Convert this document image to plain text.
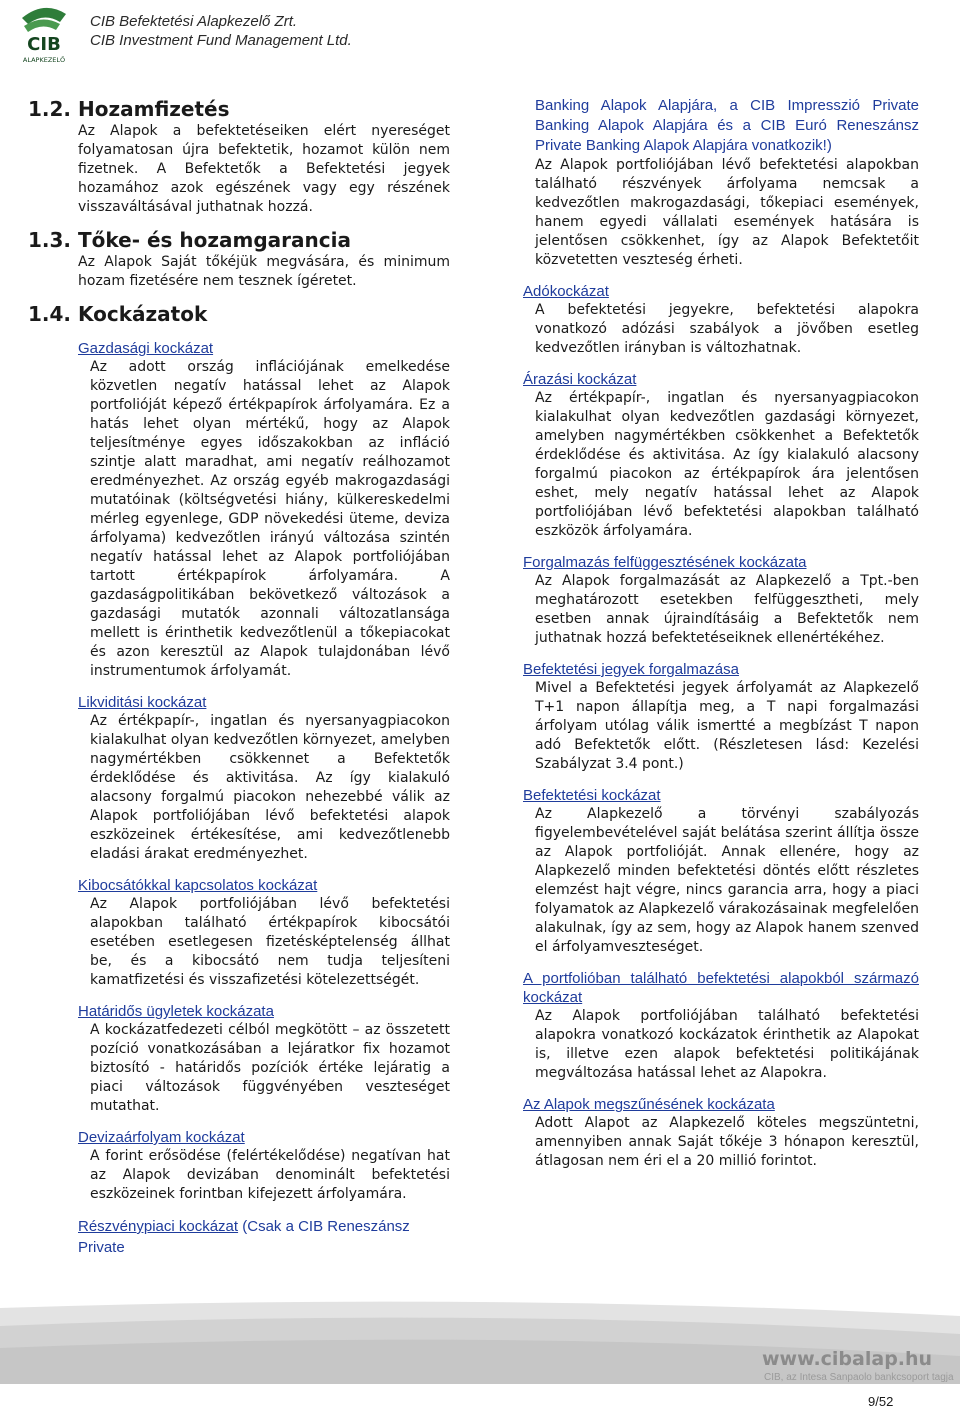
CIB
ALAPKEZELŐ
CIB Befektetési Alapkezelő Zrt.
CIB Investment Fund Management Ltd.
1.2. Hozamfizetés

Az Alapok a befektetéseiken elért nyereséget folyamatosan újra befektetik, hozamot külön nem fizetnek. A Befektetők a Befektetési jegyek hozamához azok egészének vagy egy részének visszaváltásával juthatnak hozzá.

1.3. Tőke- és hozamgarancia

Az Alapok Saját tőkéjük megvására, és minimum hozam fizetésére nem tesznek ígéretet.

1.4. Kockázatok
Gazdasági kockázat

Az adott ország inflációjának emelkedése közvetlen negatív hatással lehet az Alapok portfolióját képező értékpapírok árfolyamára. Ez a hatás lehet olyan mértékű, hogy az Alapok teljesítménye egyes időszakokban az infláció szintje alatt maradhat, ami negatív reálhozamot eredményezhet. Az ország egyéb makrogazdasági mutatóinak (költségvetési hiány, külkereskedelmi mérleg egyenlege, GDP növekedési üteme, deviza árfolyama) kedvezőtlen irányú változása szintén negatív hatással lehet az Alapok portfoliójában tartott értékpapírok árfolyamára. A gazdaságpolitikában bekövetkező változások a gazdasági mutatók azonnali változatlansága mellett is érinthetik kedvezőtlenül a tőkepiacokat és azon keresztül az Alapok tulajdonában lévő instrumentumok árfolyamát.

Likviditási kockázat

Az értékpapír-, ingatlan és nyersanyagpiacokon kialakulhat olyan kedvezőtlen környezet, amelyben nagymértékben csökkennet a Befektetők érdeklődése és aktivitása. Az így kialakuló alacsony forgalmú piacokon nehezebbé válik az Alapok portfoliójában lévő befektetési alapok eszközeinek értékesítése, ami kedvezőtlenebb eladási árakat eredményezhet.

Kibocsátókkal kapcsolatos kockázat

Az Alapok portfoliójában lévő befektetési alapokban található értékpapírok kibocsátói esetében esetlegesen fizetésképtelenség állhat be, és a kibocsátó nem tudja teljesíteni kamatfizetési és visszafizetési kötelezettségét.

Határidős ügyletek kockázata

A kockázatfedezeti célból megkötött – az összetett pozíció vonatkozásában a lejáratkor fix hozamot biztosító - határidős pozíciók értéke lejáratig a piaci változások függvényében veszteséget mutathat.

Devizaárfolyam kockázat

A forint erősödése (felértékelődése) negatívan hat az Alapok devizában denominált befektetési eszközeinek forintban kifejezett árfolyamára.

Részvénypiaci kockázat (Csak a CIB Reneszánsz Private
Banking Alapok Alapjára, a CIB Impresszió Private Banking Alapok Alapjára és a CIB Euró Reneszánsz Private Banking Alapok Alapjára vonatkozik!)

Az Alapok portfoliójában lévő befektetési alapokban található részvények árfolyama nemcsak a kedvezőtlen makrogazdasági, tőkepiaci események, hanem egyedi vállalati események hatására is jelentősen csökkenhet, így az Alapok Befektetőit közvetetten veszteség érheti.

Adókockázat

A befektetési jegyekre, befektetési alapokra vonatkozó adózási szabályok a jövőben esetleg kedvezőtlen irányban is változhatnak.

Árazási kockázat

Az értékpapír-, ingatlan és nyersanyagpiacokon kialakulhat olyan kedvezőtlen gazdasági környezet, amelyben nagymértékben csökkenhet a Befektetők érdeklődése és aktivitása. Az így kialakuló alacsony forgalmú piacokon az értékpapírok ára jelentősen eshet, mely negatív hatással lehet az Alapok portfoliójában lévő befektetési alapokban található eszközök árfolyamára.

Forgalmazás felfüggesztésének kockázata

Az Alapok forgalmazását az Alapkezelő a Tpt.-ben meghatározott esetekben felfüggesztheti, mely esetben annak újraindításáig a Befektetők nem juthatnak hozzá befektetéseiknek ellenértékéhez.

Befektetési jegyek forgalmazása

Mivel a Befektetési jegyek árfolyamát az Alapkezelő T+1 napon állapítja meg, a T napi forgalmazási árfolyam utólag válik ismertté a megbízást T napon adó Befektetők előtt. (Részletesen lásd: Kezelési Szabályzat 3.4 pont.)

Befektetési kockázat

Az Alapkezelő a törvényi szabályozás figyelembevételével saját belátása szerint állítja össze az Alapok portfolióját. Annak ellenére, hogy az Alapkezelő minden befektetési döntés előtt részletes elemzést hajt végre, nincs garancia arra, hogy a piaci folyamatok az Alapkezelő várakozásainak megfelelően alakulnak, így az sem, hogy az Alapok hanem szenved el árfolyamveszteséget.

A portfolióban található befektetési alapokból származó kockázat

Az Alapok portfoliójában található befektetési alapokra vonatkozó kockázatok érinthetik az Alapokat is, illetve ezen alapok befektetési politikájának megváltozása hatással lehet az Alapokra.

Az Alapok megszűnésének kockázata

Adott Alapot az Alapkezelő köteles megszüntetni, amennyiben annak Saját tőkéje 3 hónapon keresztül, átlagosan nem éri el a 20 millió forintot.

www.cibalap.hu
CIB, az Intesa Sanpaolo bankcsoport tagja
9/52
